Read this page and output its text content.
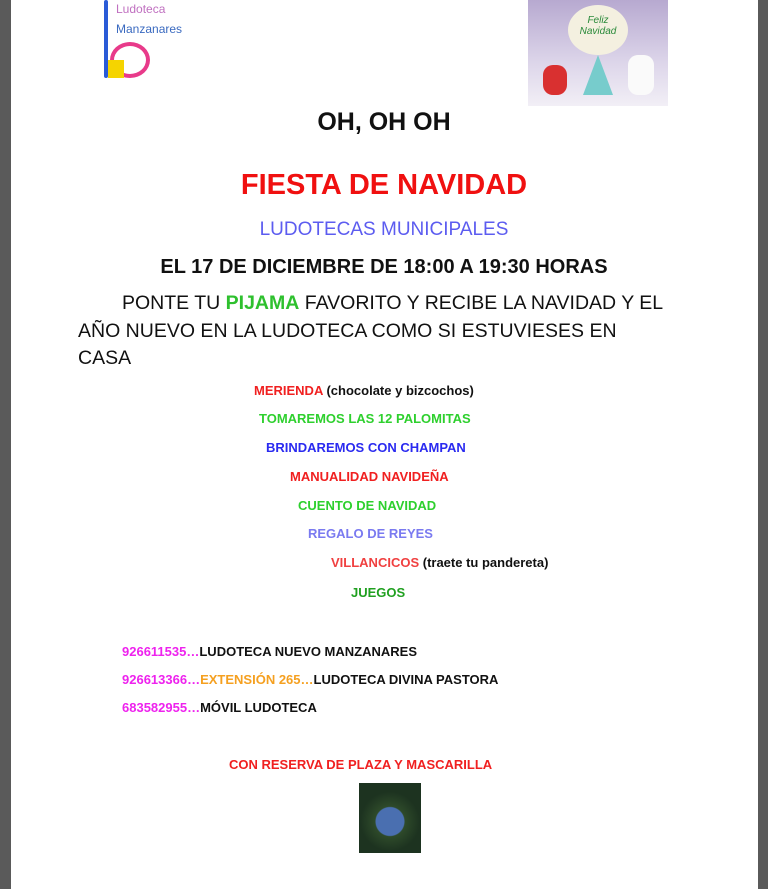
Ludoteca
Manzanares
Feliz Navidad
OH, OH OH
FIESTA DE NAVIDAD
LUDOTECAS MUNICIPALES
EL 17 DE DICIEMBRE DE 18:00 A 19:30 HORAS
PONTE TU PIJAMA FAVORITO Y RECIBE LA NAVIDAD Y EL
AÑO NUEVO EN LA LUDOTECA COMO SI ESTUVIESES EN
CASA
MERIENDA (chocolate y bizcochos)
TOMAREMOS LAS 12 PALOMITAS
BRINDAREMOS CON CHAMPAN
MANUALIDAD NAVIDEÑA
CUENTO DE NAVIDAD
REGALO DE REYES
VILLANCICOS (traete tu pandereta)
JUEGOS
926611535…LUDOTECA NUEVO MANZANARES
926613366…EXTENSIÓN 265…LUDOTECA DIVINA PASTORA
683582955…MÓVIL LUDOTECA
CON RESERVA DE PLAZA Y MASCARILLA
